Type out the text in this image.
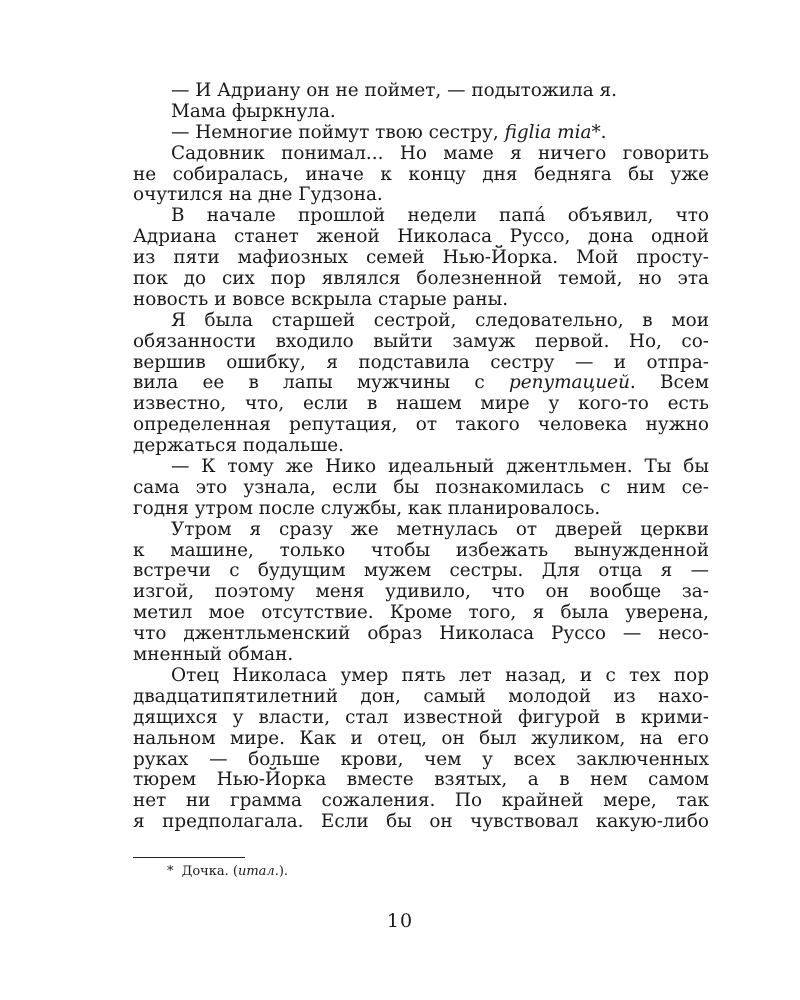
— И Адриану он не поймет, — подытожила я.
Мама фыркнула.
— Немногие поймут твою сестру, figlia mia*.
Садовник понимал... Но маме я ничего говорить
не собиралась, иначе к концу дня бедняга бы уже
очутился на дне Гудзона.
В начале прошлой недели папа́ объявил, что
Адриана станет женой Николаса Руссо, дона одной
из пяти мафиозных семей Нью-Йорка. Мой просту-
пок до сих пор являлся болезненной темой, но эта
новость и вовсе вскрыла старые раны.
Я была старшей сестрой, следовательно, в мои
обязанности входило выйти замуж первой. Но, со-
вершив ошибку, я подставила сестру — и отпра-
вила ее в лапы мужчины с репутацией. Всем
известно, что, если в нашем мире у кого-то есть
определенная репутация, от такого человека нужно
держаться подальше.
— К тому же Нико идеальный джентльмен. Ты бы
сама это узнала, если бы познакомилась с ним се-
годня утром после службы, как планировалось.
Утром я сразу же метнулась от дверей церкви
к машине, только чтобы избежать вынужденной
встречи с будущим мужем сестры. Для отца я —
изгой, поэтому меня удивило, что он вообще за-
метил мое отсутствие. Кроме того, я была уверена,
что джентльменский образ Николаса Руссо — несо-
мненный обман.
Отец Николаса умер пять лет назад, и с тех пор
двадцатипятилетний дон, самый молодой из нахо-
дящихся у власти, стал известной фигурой в крими-
нальном мире. Как и отец, он был жуликом, на его
руках — больше крови, чем у всех заключенных
тюрем Нью-Йорка вместе взятых, а в нем самом
нет ни грамма сожаления. По крайней мере, так
я предполагала. Если бы он чувствовал какую-либо
* Дочка. (итал.).
10
